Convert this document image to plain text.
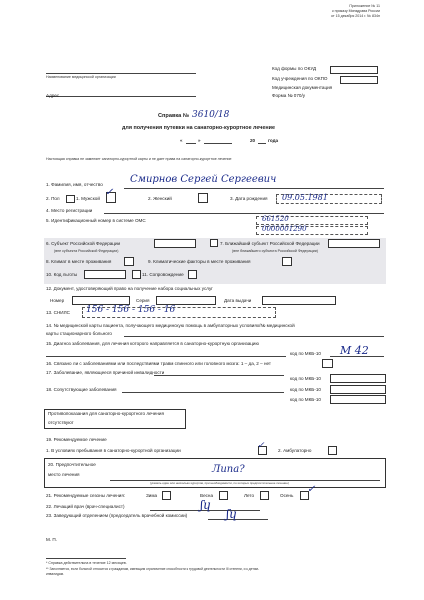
Приложение № 11
к приказу Минздрава России
от 15 декабря 2014 г. № 834н
Наименование медицинской организации
Адрес
Код формы по ОКУД
Код учреждения по ОКПО
Медицинская документация
Форма № 070/у
Справка № 3610/18
для получения путевки на санаторно-курортное лечение
«	»	20	года
Настоящая справка не заменяет санаторно-курортной карты и не дает права на санаторно-курортное лечение
1. Фамилия, имя, отчество	Смирнов Сергей Сергеевич
2. Пол	1. Мужской
✓
2. Женский	3. Дата рождения 09.05.1981
4. Место регистрации
5. Идентификационный номер в системе ОМС	661520
0000001290
6. Субъект Российской Федерации
(вне субъекта Российской Федерации)
7. Ближайший субъект Российской Федерации
(вне ближайшего субъекта Российской Федерации)
8. Климат в месте проживания	9. Климатические факторы в месте проживания
10. Код льготы	11. Сопровождение
12. Документ, удостоверяющий право на получение набора социальных услуг
Номер	Серия	Дата выдачи
13. СНИЛС 156 - 156 - 156 - 16
14. № медицинской карты пациента, получающего медицинскую помощь в амбулаторных условиях/№ медицинской
карты стационарного больного
15. Диагноз заболевания, для лечения которого направляется в санаторно-курортную организацию
код по МКБ-10 М 42
16. Связано ли с заболеваниями или последствиями травм спинного или головного мозга: 1 – да, 2 – нет
17. Заболевание, являющееся причиной инвалидности
код по МКБ-10
18. Сопутствующие заболевания	код по МКБ-10
код по МКБ-10
Противопоказания для санаторно-курортного лечения
отсутствуют
19. Рекомендуемое лечение
1. В условиях пребывания в санаторно-курортной организации	✓	2. Амбулаторно
20. Предпочтительное
место лечения	Липа?
(указать один или несколько курортов, при необходимости, по которых предпочтительное лечение)
21. Рекомендуемые сезоны лечения:	Зима	Весна	Лето	Осень
✓
22. Лечащий врач (врач-специалист)	ʃɥ
23. Заведующий отделением (председатель врачебной комиссии)	ʃɥ
М. П.
* Справка действительна в течение 12 месяцев.
** Заполняется, если больной относится к гражданам, имеющим ограничение способности к трудовой деятельности III степени, и к детям-
инвалидам.
